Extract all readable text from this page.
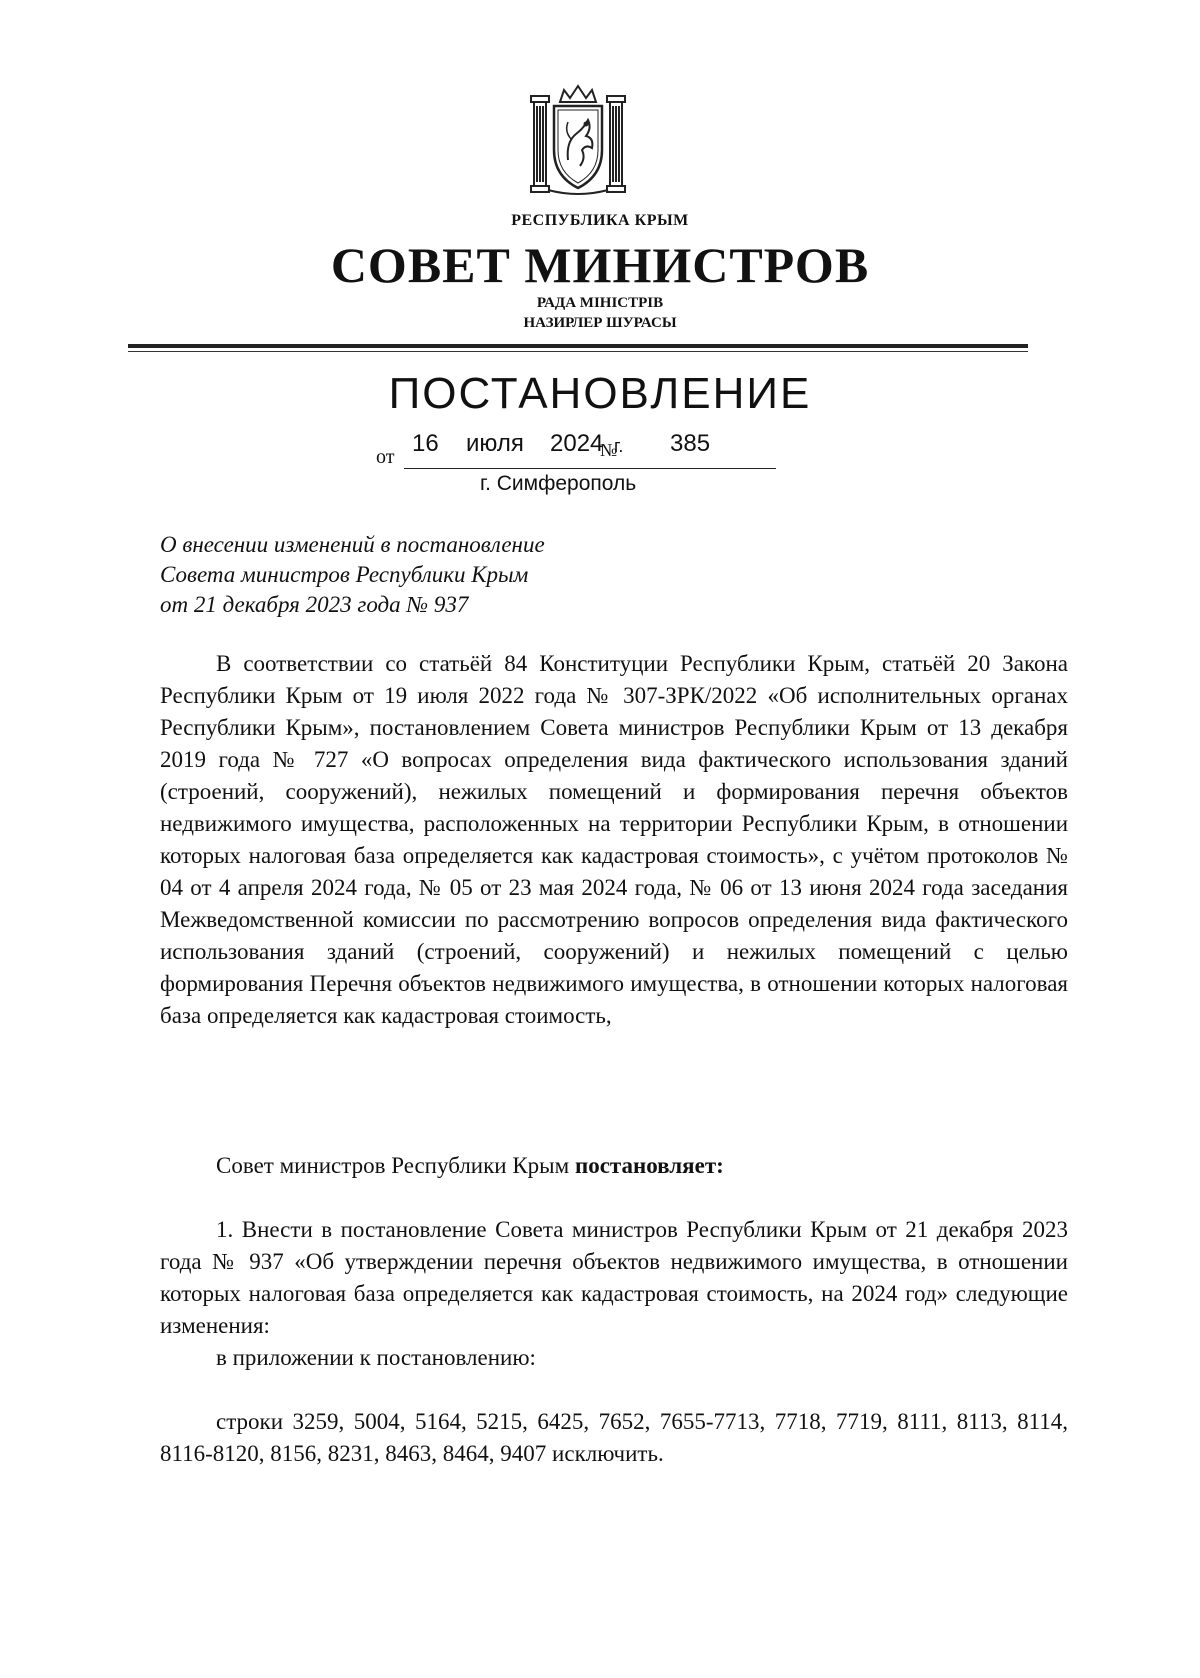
РЕСПУБЛИКА КРЫМ
СОВЕТ МИНИСТРОВ
РАДА МІНІСТРІВ
НАЗИРЛЕР ШУРАСЫ
ПОСТАНОВЛЕНИЕ
от 16 июля 2024
№
г. 385
г. Симферополь
О внесении изменений в постановление
Совета министров Республики Крым
от 21 декабря 2023 года № 937

В соответствии со статьёй 84 Конституции Республики Крым, статьёй 20 Закона Республики Крым от 19 июля 2022 года № 307-ЗРК/2022 «Об исполнительных органах Республики Крым», постановлением Совета министров Республики Крым от 13 декабря 2019 года № 727 «О вопросах определения вида фактического использования зданий (строений, сооружений), нежилых помещений и формирования перечня объектов недвижимого имущества, расположенных на территории Республики Крым, в отношении которых налоговая база определяется как кадастровая стоимость», с учётом протоколов № 04 от 4 апреля 2024 года, № 05 от 23 мая 2024 года, № 06 от 13 июня 2024 года заседания Межведомственной комиссии по рассмотрению вопросов определения вида фактического использования зданий (строений, сооружений) и нежилых помещений с целью формирования Перечня объектов недвижимого имущества, в отношении которых налоговая база определяется как кадастровая стоимость,

Совет министров Республики Крым постановляет:

1. Внести в постановление Совета министров Республики Крым от 21 декабря 2023 года № 937 «Об утверждении перечня объектов недвижимого имущества, в отношении которых налоговая база определяется как кадастровая стоимость, на 2024 год» следующие изменения:

в приложении к постановлению:

строки 3259, 5004, 5164, 5215, 6425, 7652, 7655-7713, 7718, 7719, 8111, 8113, 8114, 8116-8120, 8156, 8231, 8463, 8464, 9407 исключить.
